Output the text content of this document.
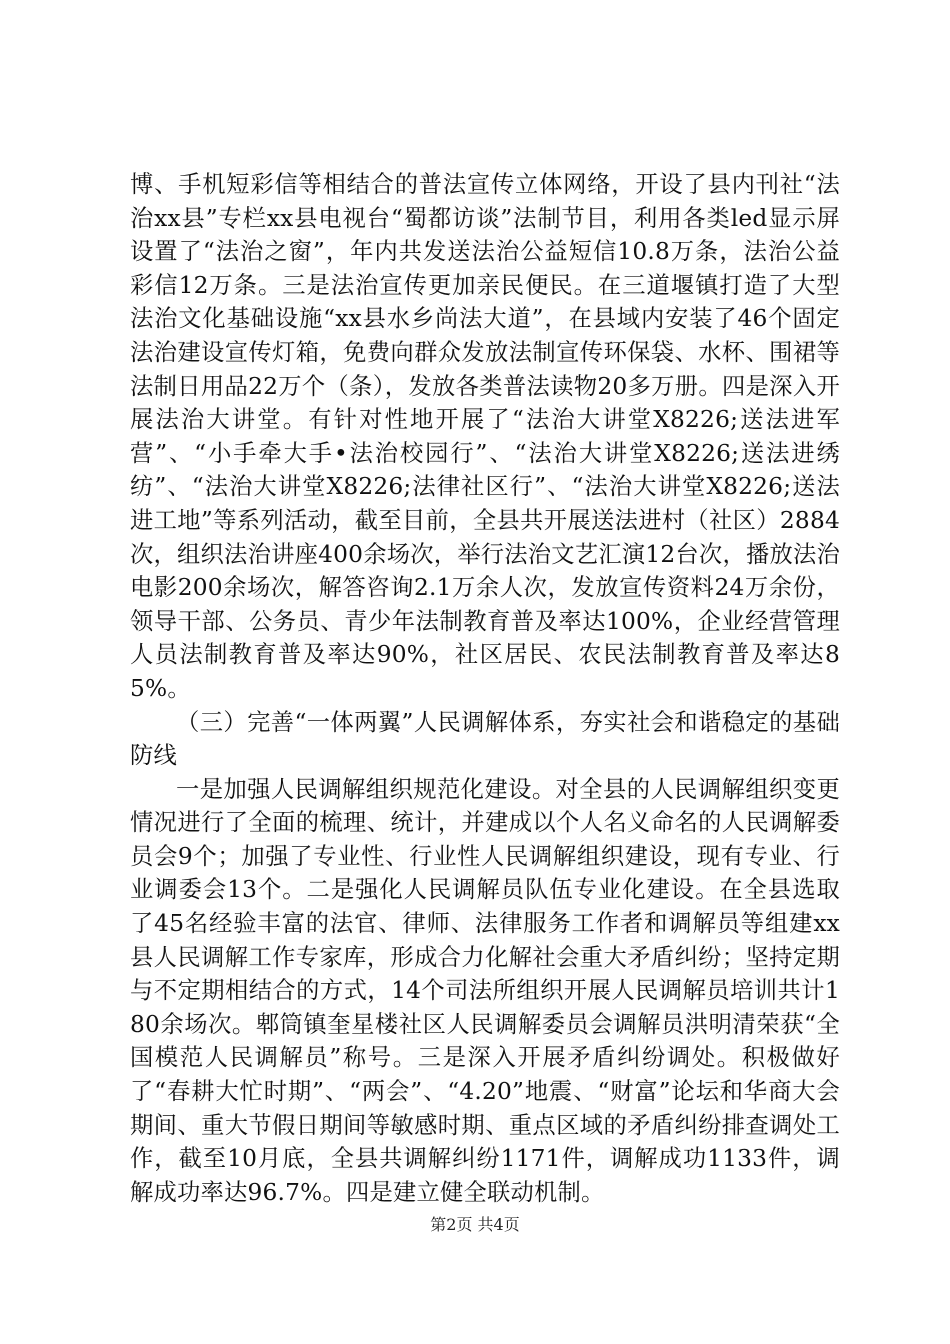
博、手机短彩信等相结合的普法宣传立体网络，开设了县内刊社“法治xx县”专栏xx县电视台“蜀都访谈”法制节目，利用各类led显示屏设置了“法治之窗”，年内共发送法治公益短信10.8万条，法治公益彩信12万条。三是法治宣传更加亲民便民。在三道堰镇打造了大型法治文化基础设施“xx县水乡尚法大道”，在县域内安装了46个固定法治建设宣传灯箱，免费向群众发放法制宣传环保袋、水杯、围裙等法制日用品22万个（条），发放各类普法读物20多万册。四是深入开展法治大讲堂。有针对性地开展了“法治大讲堂X8226;送法进军营”、“小手牵大手•法治校园行”、“法治大讲堂X8226;送法进绣纺”、“法治大讲堂X8226;法律社区行”、“法治大讲堂X8226;送法进工地”等系列活动，截至目前，全县共开展送法进村（社区）2884次，组织法治讲座400余场次，举行法治文艺汇演12台次，播放法治电影200余场次，解答咨询2.1万余人次，发放宣传资料24万余份，领导干部、公务员、青少年法制教育普及率达100%，企业经营管理人员法制教育普及率达90%，社区居民、农民法制教育普及率达85%。

（三）完善“一体两翼”人民调解体系，夯实社会和谐稳定的基础防线

一是加强人民调解组织规范化建设。对全县的人民调解组织变更情况进行了全面的梳理、统计，并建成以个人名义命名的人民调解委员会9个；加强了专业性、行业性人民调解组织建设，现有专业、行业调委会13个。二是强化人民调解员队伍专业化建设。在全县选取了45名经验丰富的法官、律师、法律服务工作者和调解员等组建xx县人民调解工作专家库，形成合力化解社会重大矛盾纠纷；坚持定期与不定期相结合的方式，14个司法所组织开展人民调解员培训共计180余场次。郫筒镇奎星楼社区人民调解委员会调解员洪明清荣获“全国模范人民调解员”称号。三是深入开展矛盾纠纷调处。积极做好了“春耕大忙时期”、“两会”、“4.20”地震、“财富”论坛和华商大会期间、重大节假日期间等敏感时期、重点区域的矛盾纠纷排查调处工作，截至10月底，全县共调解纠纷1171件，调解成功1133件，调解成功率达96.7%。四是建立健全联动机制。

第2页 共4页
